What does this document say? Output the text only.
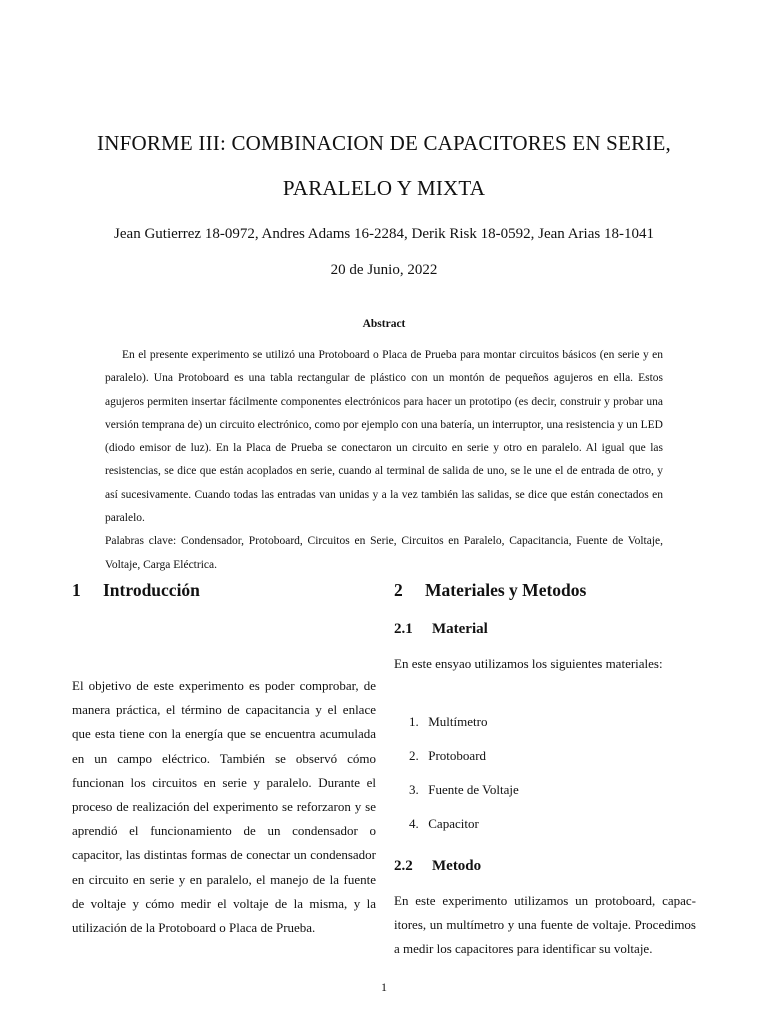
INFORME III: COMBINACION DE CAPACITORES EN SERIE,
PARALELO Y MIXTA
Jean Gutierrez 18-0972, Andres Adams 16-2284, Derik Risk 18-0592, Jean Arias 18-1041
20 de Junio, 2022
Abstract

En el presente experimento se utilizó una Protoboard o Placa de Prueba para montar circuitos básicos (en serie y en paralelo). Una Protoboard es una tabla rectangular de plástico con un montón de pequeños agujeros en ella. Estos agujeros permiten insertar fácilmente componentes electrónicos para hacer un prototipo (es decir, construir y probar una versión temprana de) un circuito electrónico, como por ejemplo con una batería, un interruptor, una resistencia y un LED (diodo emisor de luz). En la Placa de Prueba se conectaron un circuito en serie y otro en paralelo. Al igual que las resistencias, se dice que están acoplados en serie, cuando al terminal de salida de uno, se le une el de entrada de otro, y así sucesivamente. Cuando todas las entradas van unidas y a la vez también las salidas, se dice que están conectados en paralelo.

Palabras clave: Condensador, Protoboard, Circuitos en Serie, Circuitos en Paralelo, Capacitancia, Fuente de Voltaje, Voltaje, Carga Eléctrica.

1 Introducción

El objetivo de este experimento es poder comprobar, de manera práctica, el término de capacitancia y el enlace que esta tiene con la energía que se encuentra acumulada en un campo eléctrico. También se observó cómo funcionan los circuitos en serie y paralelo. Durante el proceso de realización del experimento se reforzaron y se aprendió el funcionamiento de un condensador o capacitor, las distintas formas de conectar un condensador en circuito en serie y en paralelo, el manejo de la fuente de voltaje y cómo medir el voltaje de la misma, y la utilización de la Protoboard o Placa de Prueba.

2 Materiales y Metodos
2.1 Material

En este ensyao utilizamos los siguientes materiales:

1. Multímetro
2. Protoboard
3. Fuente de Voltaje
4. Capacitor
2.2 Metodo

En este experimento utilizamos un protoboard, capacitores, un multímetro y una fuente de voltaje. Procedimos a medir los capacitores para identificar su voltaje.

1
